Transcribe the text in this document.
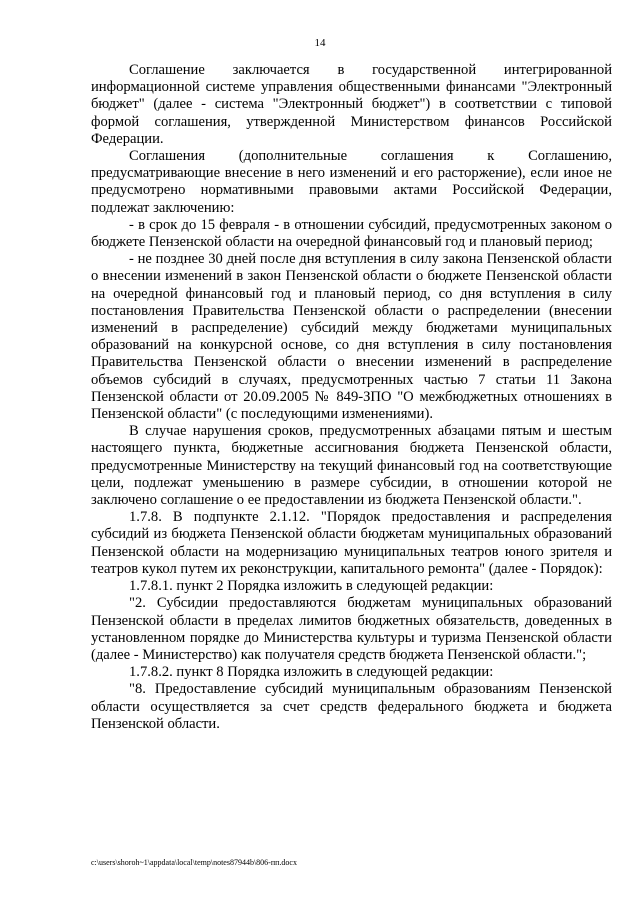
14

Соглашение заключается в государственной интегрированной информационной системе управления общественными финансами "Электронный бюджет" (далее - система "Электронный бюджет") в соответствии с типовой формой соглашения, утвержденной Министерством финансов Российской Федерации.

Соглашения (дополнительные соглашения к Соглашению, предусматривающие внесение в него изменений и его расторжение), если иное не предусмотрено нормативными правовыми актами Российской Федерации, подлежат заключению:

- в срок до 15 февраля - в отношении субсидий, предусмотренных законом о бюджете Пензенской области на очередной финансовый год и плановый период;

- не позднее 30 дней после дня вступления в силу закона Пензенской области о внесении изменений в закон Пензенской области о бюджете Пензенской области на очередной финансовый год и плановый период, со дня вступления в силу постановления Правительства Пензенской области о распределении (внесении изменений в распределение) субсидий между бюджетами муниципальных образований на конкурсной основе, со дня вступления в силу постановления Правительства Пензенской области о внесении изменений в распределение объемов субсидий в случаях, предусмотренных частью 7 статьи 11 Закона Пензенской области от 20.09.2005 № 849-ЗПО "О межбюджетных отношениях в Пензенской области" (с последующими изменениями).

В случае нарушения сроков, предусмотренных абзацами пятым и шестым настоящего пункта, бюджетные ассигнования бюджета Пензенской области, предусмотренные Министерству на текущий финансовый год на соответствующие цели, подлежат уменьшению в размере субсидии, в отношении которой не заключено соглашение о ее предоставлении из бюджета Пензенской области.".

1.7.8. В подпункте 2.1.12. "Порядок предоставления и распределения субсидий из бюджета Пензенской области бюджетам муниципальных образований Пензенской области на модернизацию муниципальных театров юного зрителя и театров кукол путем их реконструкции, капитального ремонта" (далее - Порядок):

1.7.8.1. пункт 2 Порядка изложить в следующей редакции:

"2. Субсидии предоставляются бюджетам муниципальных образований Пензенской области в пределах лимитов бюджетных обязательств, доведенных в установленном порядке до Министерства культуры и туризма Пензенской области (далее - Министерство) как получателя средств бюджета Пензенской области.";

1.7.8.2. пункт 8 Порядка изложить в следующей редакции:

"8. Предоставление субсидий муниципальным образованиям Пензенской области осуществляется за счет средств федерального бюджета и бюджета Пензенской области.

c:\users\shoroh~1\appdata\local\temp\notes87944b\806-пп.docx
